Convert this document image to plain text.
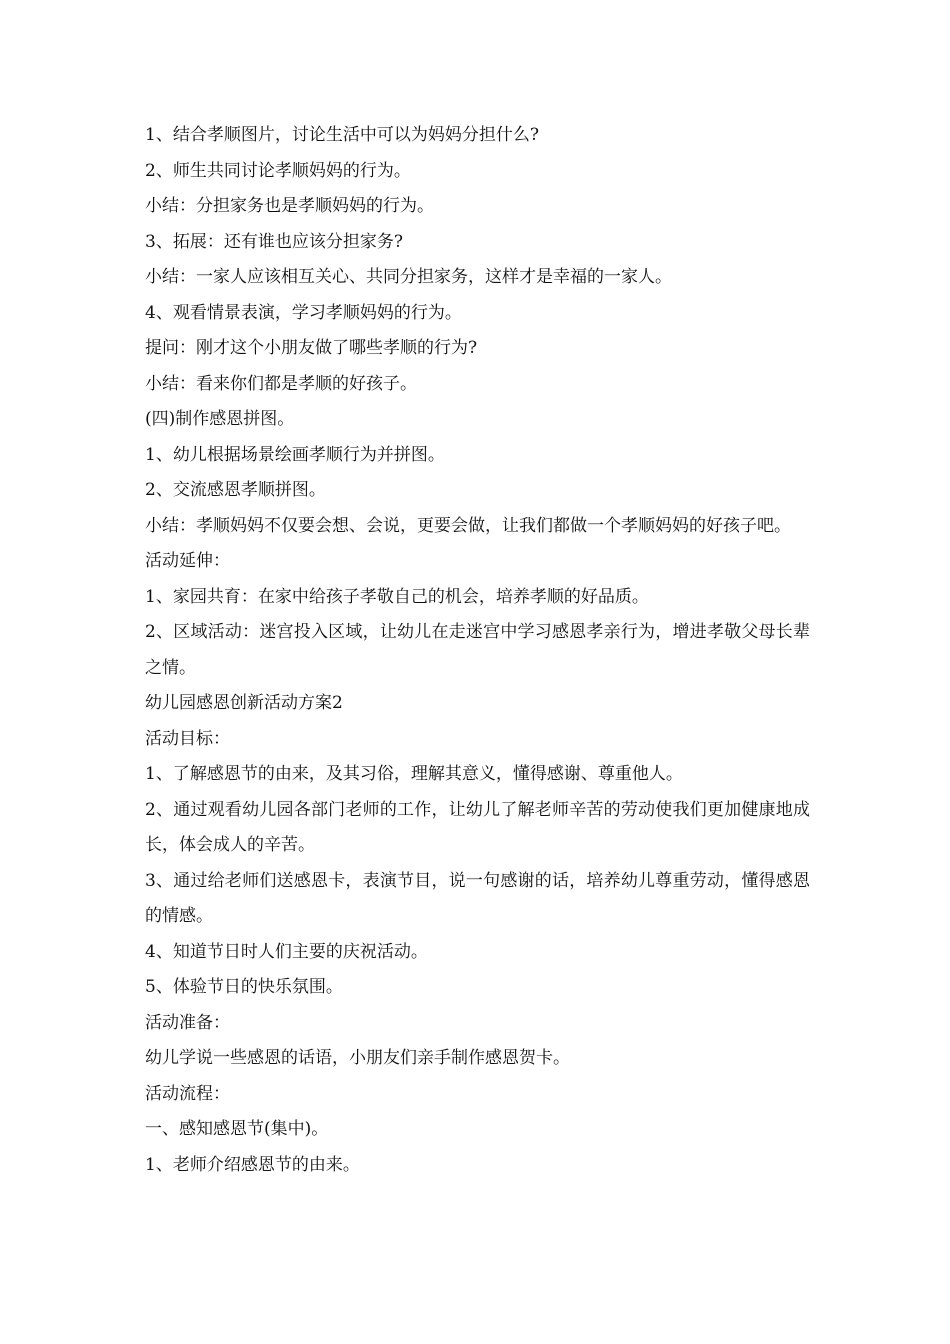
1、结合孝顺图片，讨论生活中可以为妈妈分担什么?
2、师生共同讨论孝顺妈妈的行为。
小结：分担家务也是孝顺妈妈的行为。
3、拓展：还有谁也应该分担家务?
小结：一家人应该相互关心、共同分担家务，这样才是幸福的一家人。
4、观看情景表演，学习孝顺妈妈的行为。
提问：刚才这个小朋友做了哪些孝顺的行为?
小结：看来你们都是孝顺的好孩子。
(四)制作感恩拼图。
1、幼儿根据场景绘画孝顺行为并拼图。
2、交流感恩孝顺拼图。
小结：孝顺妈妈不仅要会想、会说，更要会做，让我们都做一个孝顺妈妈的好孩子吧。
活动延伸：
1、家园共育：在家中给孩子孝敬自己的机会，培养孝顺的好品质。
2、区域活动：迷宫投入区域，让幼儿在走迷宫中学习感恩孝亲行为，增进孝敬父母长辈之情。
幼儿园感恩创新活动方案2
活动目标：
1、了解感恩节的由来，及其习俗，理解其意义，懂得感谢、尊重他人。
2、通过观看幼儿园各部门老师的工作，让幼儿了解老师辛苦的劳动使我们更加健康地成长，体会成人的辛苦。
3、通过给老师们送感恩卡，表演节目，说一句感谢的话，培养幼儿尊重劳动，懂得感恩的情感。
4、知道节日时人们主要的庆祝活动。
5、体验节日的快乐氛围。
活动准备：
幼儿学说一些感恩的话语，小朋友们亲手制作感恩贺卡。
活动流程：
一、感知感恩节(集中)。
1、老师介绍感恩节的由来。
